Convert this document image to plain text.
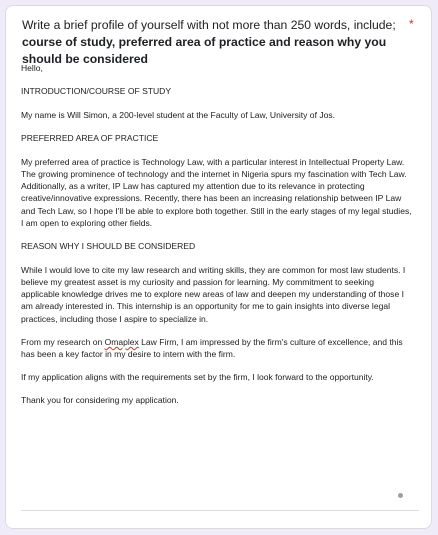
Write a brief profile of yourself with not more than 250 words, include; course of study, preferred area of practice and reason why you should be considered
*

Hello,

INTRODUCTION/COURSE OF STUDY

My name is Will Simon, a 200-level student at the Faculty of Law, University of Jos.

PREFERRED AREA OF PRACTICE

My preferred area of practice is Technology Law, with a particular interest in Intellectual Property Law. The growing prominence of technology and the internet in Nigeria spurs my fascination with Tech Law. Additionally, as a writer, IP Law has captured my attention due to its relevance in protecting creative/innovative expressions. Recently, there has been an increasing relationship between IP Law and Tech Law, so I hope I'll be able to explore both together. Still in the early stages of my legal studies, I am open to exploring other fields.

REASON WHY I SHOULD BE CONSIDERED

While I would love to cite my law research and writing skills, they are common for most law students. I believe my greatest asset is my curiosity and passion for learning. My commitment to seeking applicable knowledge drives me to explore new areas of law and deepen my understanding of those I am already interested in. This internship is an opportunity for me to gain insights into diverse legal practices, including those I aspire to specialize in.

From my research on Omaplex Law Firm, I am impressed by the firm's culture of excellence, and this has been a key factor in my desire to intern with the firm.

If my application aligns with the requirements set by the firm, I look forward to the opportunity.

Thank you for considering my application.
